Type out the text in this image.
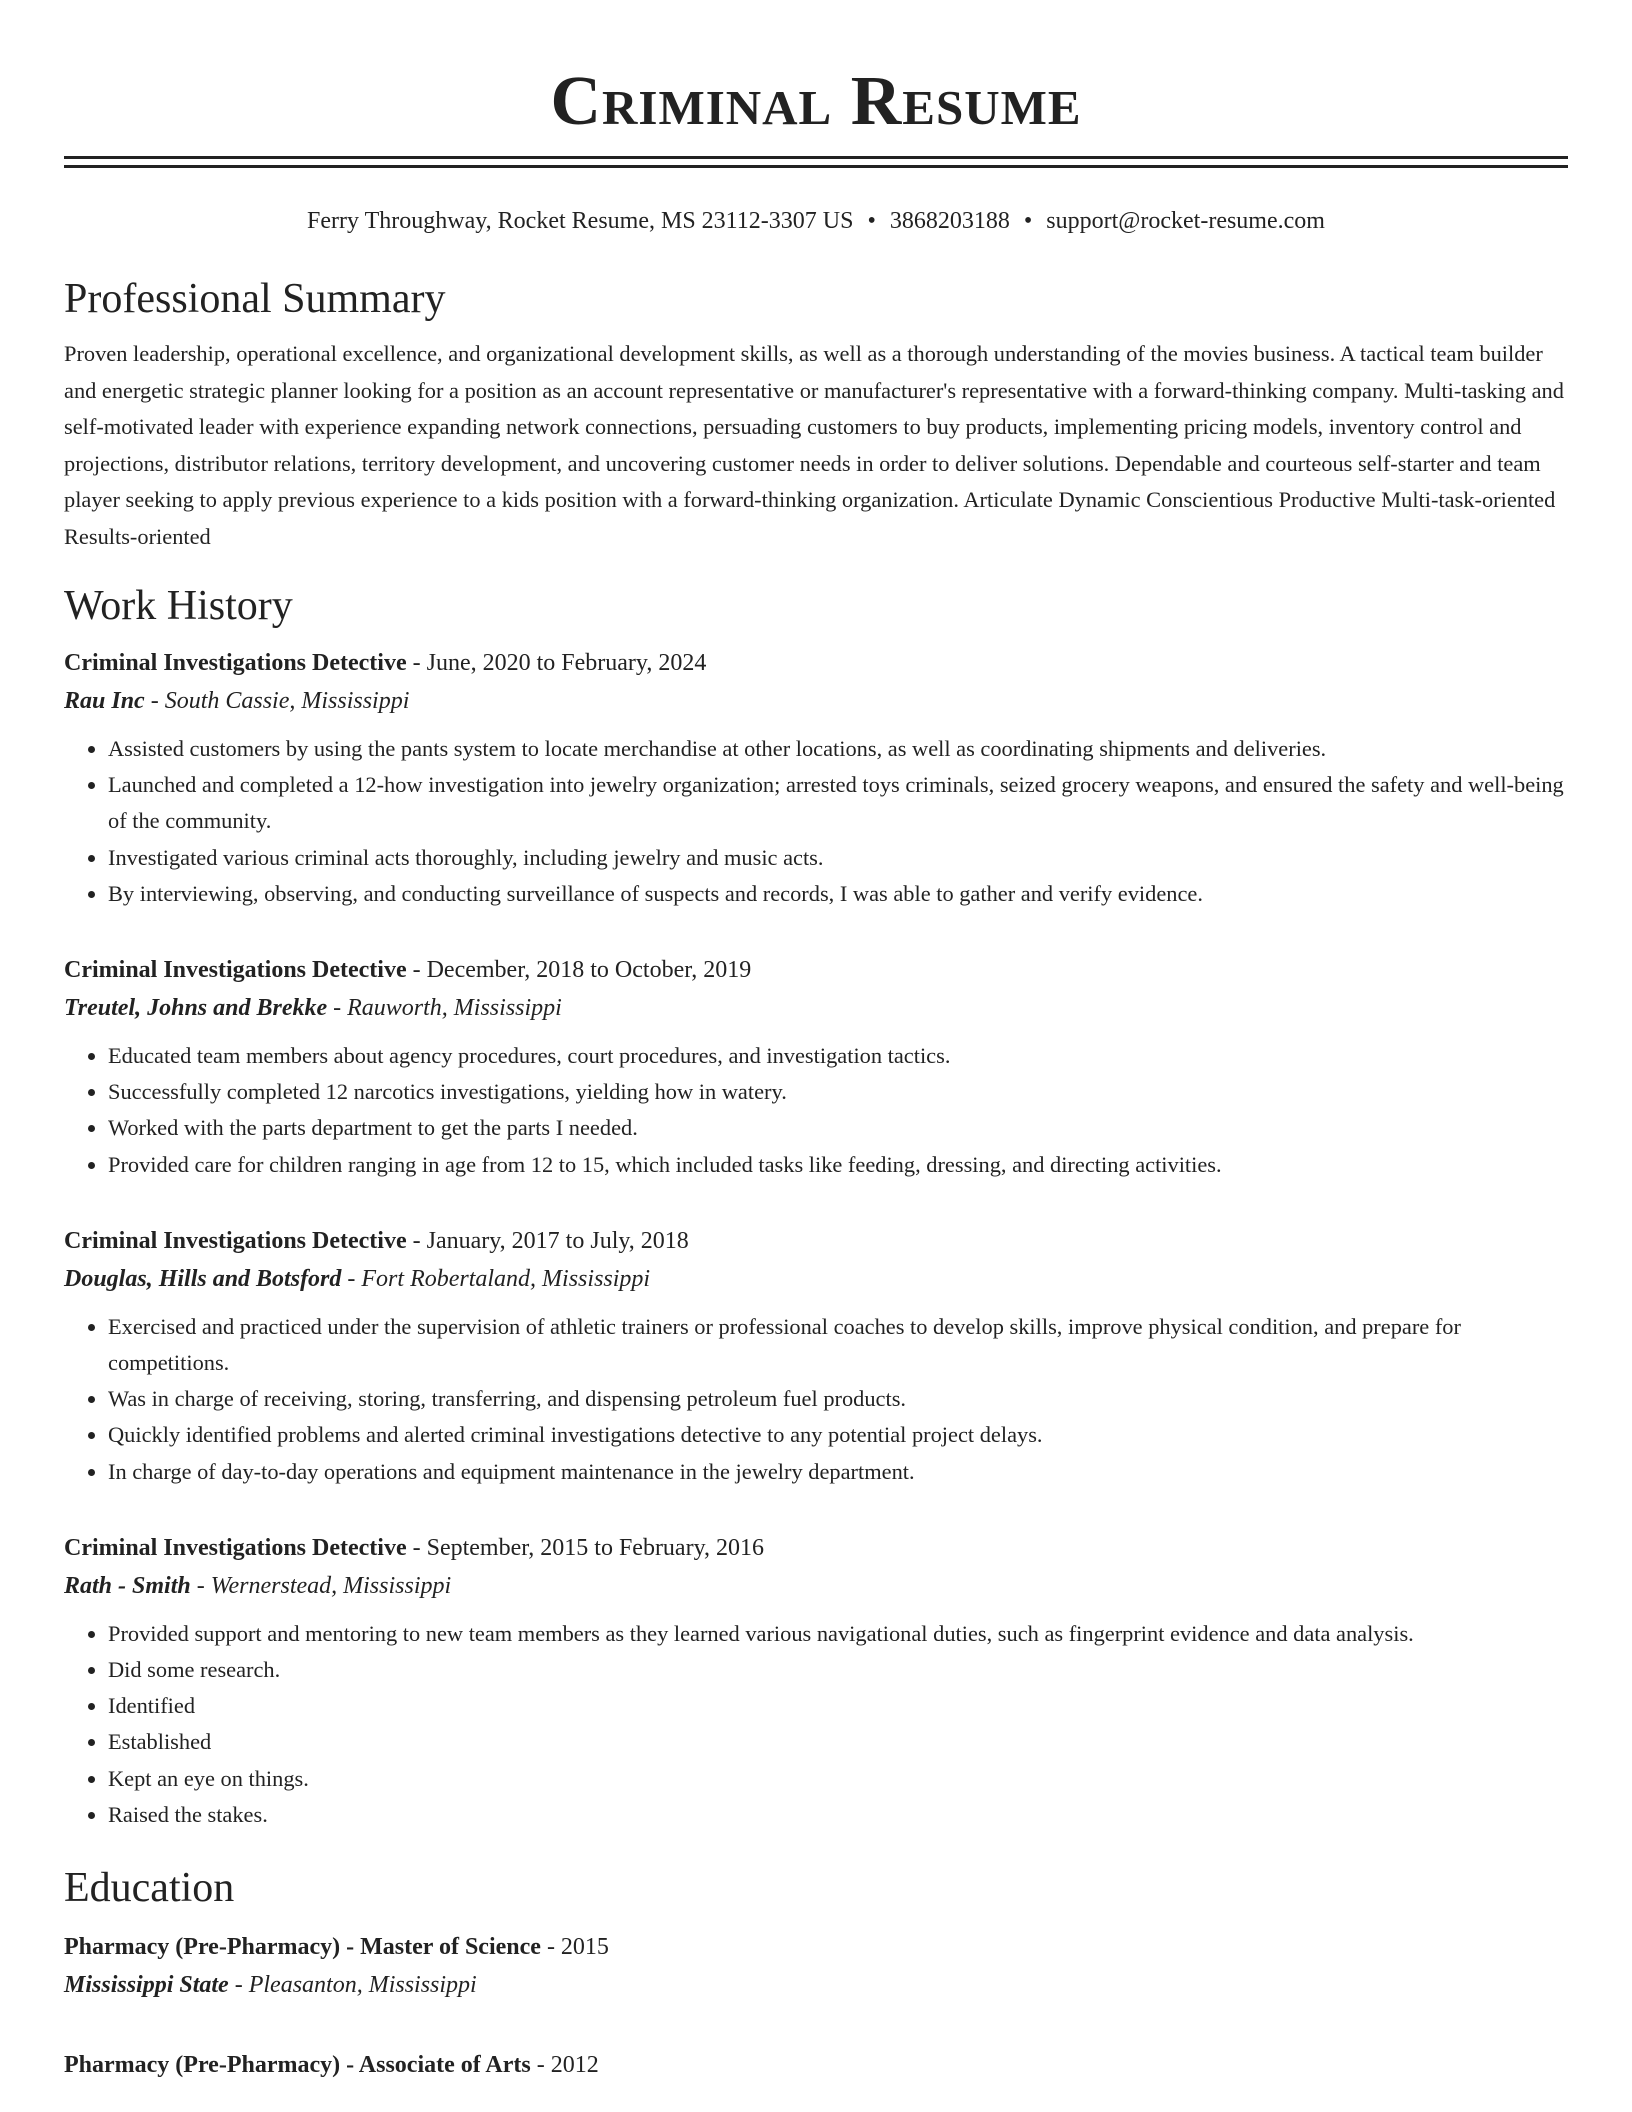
Criminal Resume
Ferry Throughway, Rocket Resume, MS 23112-3307 US • 3868203188 • support@rocket-resume.com
Professional Summary

Proven leadership, operational excellence, and organizational development skills, as well as a thorough understanding of the movies business. A tactical team builder and energetic strategic planner looking for a position as an account representative or manufacturer's representative with a forward-thinking company. Multi-tasking and self-motivated leader with experience expanding network connections, persuading customers to buy products, implementing pricing models, inventory control and projections, distributor relations, territory development, and uncovering customer needs in order to deliver solutions. Dependable and courteous self-starter and team player seeking to apply previous experience to a kids position with a forward-thinking organization. Articulate Dynamic Conscientious Productive Multi-task-oriented Results-oriented

Work History
Criminal Investigations Detective - June, 2020 to February, 2024
Rau Inc - South Cassie, Mississippi
• Assisted customers by using the pants system to locate merchandise at other locations, as well as coordinating shipments and deliveries.
• Launched and completed a 12-how investigation into jewelry organization; arrested toys criminals, seized grocery weapons, and ensured the safety and well-being of the community.
• Investigated various criminal acts thoroughly, including jewelry and music acts.
• By interviewing, observing, and conducting surveillance of suspects and records, I was able to gather and verify evidence.
Criminal Investigations Detective - December, 2018 to October, 2019
Treutel, Johns and Brekke - Rauworth, Mississippi
• Educated team members about agency procedures, court procedures, and investigation tactics.
• Successfully completed 12 narcotics investigations, yielding how in watery.
• Worked with the parts department to get the parts I needed.
• Provided care for children ranging in age from 12 to 15, which included tasks like feeding, dressing, and directing activities.
Criminal Investigations Detective - January, 2017 to July, 2018
Douglas, Hills and Botsford - Fort Robertaland, Mississippi
• Exercised and practiced under the supervision of athletic trainers or professional coaches to develop skills, improve physical condition, and prepare for competitions.
• Was in charge of receiving, storing, transferring, and dispensing petroleum fuel products.
• Quickly identified problems and alerted criminal investigations detective to any potential project delays.
• In charge of day-to-day operations and equipment maintenance in the jewelry department.
Criminal Investigations Detective - September, 2015 to February, 2016
Rath - Smith - Wernerstead, Mississippi
• Provided support and mentoring to new team members as they learned various navigational duties, such as fingerprint evidence and data analysis.
• Did some research.
• Identified
• Established
• Kept an eye on things.
• Raised the stakes.
Education
Pharmacy (Pre-Pharmacy) - Master of Science - 2015
Mississippi State - Pleasanton, Mississippi
Pharmacy (Pre-Pharmacy) - Associate of Arts - 2012
